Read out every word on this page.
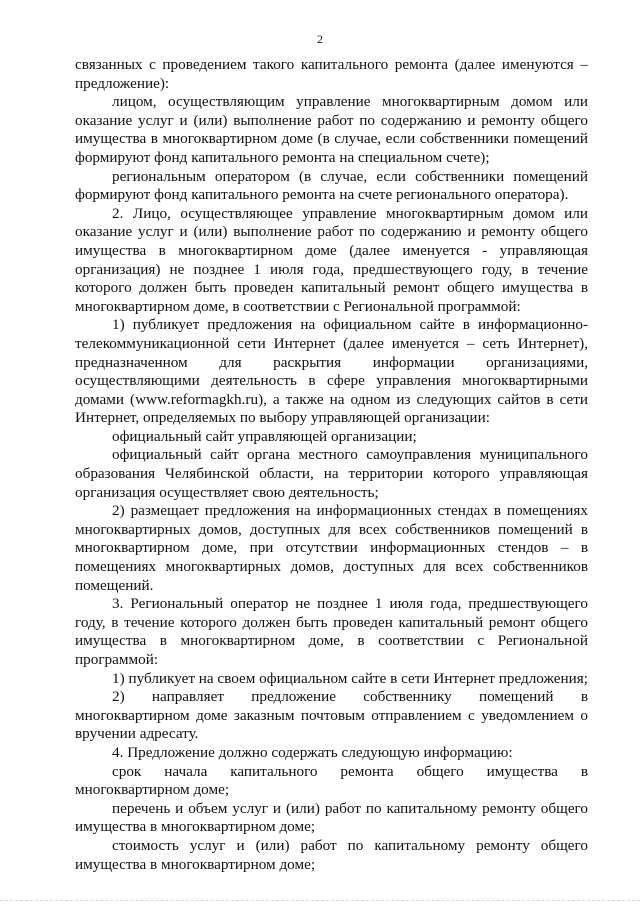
2

связанных с проведением такого капитального ремонта (далее именуются – предложение):

лицом, осуществляющим управление многоквартирным домом или оказание услуг и (или) выполнение работ по содержанию и ремонту общего имущества в многоквартирном доме (в случае, если собственники помещений формируют фонд капитального ремонта на специальном счете);

региональным оператором (в случае, если собственники помещений формируют фонд капитального ремонта на счете регионального оператора).

2. Лицо, осуществляющее управление многоквартирным домом или оказание услуг и (или) выполнение работ по содержанию и ремонту общего имущества в многоквартирном доме (далее именуется - управляющая организация) не позднее 1 июля года, предшествующего году, в течение которого должен быть проведен капитальный ремонт общего имущества в многоквартирном доме, в соответствии с Региональной программой:

1) публикует предложения на официальном сайте в информационно-телекоммуникационной сети Интернет (далее именуется – сеть Интернет), предназначенном для раскрытия информации организациями, осуществляющими деятельность в сфере управления многоквартирными домами (www.reformagkh.ru), а также на одном из следующих сайтов в сети Интернет, определяемых по выбору управляющей организации:

официальный сайт управляющей организации;

официальный сайт органа местного самоуправления муниципального образования Челябинской области, на территории которого управляющая организация осуществляет свою деятельность;

2) размещает предложения на информационных стендах в помещениях многоквартирных домов, доступных для всех собственников помещений в многоквартирном доме, при отсутствии информационных стендов – в помещениях многоквартирных домов, доступных для всех собственников помещений.

3. Региональный оператор не позднее 1 июля года, предшествующего году, в течение которого должен быть проведен капитальный ремонт общего имущества в многоквартирном доме, в соответствии с Региональной программой:

1) публикует на своем официальном сайте в сети Интернет предложения;

2) направляет предложение собственнику помещений в многоквартирном доме заказным почтовым отправлением с уведомлением о вручении адресату.

4. Предложение должно содержать следующую информацию:

срок начала капитального ремонта общего имущества в многоквартирном доме;

перечень и объем услуг и (или) работ по капитальному ремонту общего имущества в многоквартирном доме;

стоимость услуг и (или) работ по капитальному ремонту общего имущества в многоквартирном доме;
